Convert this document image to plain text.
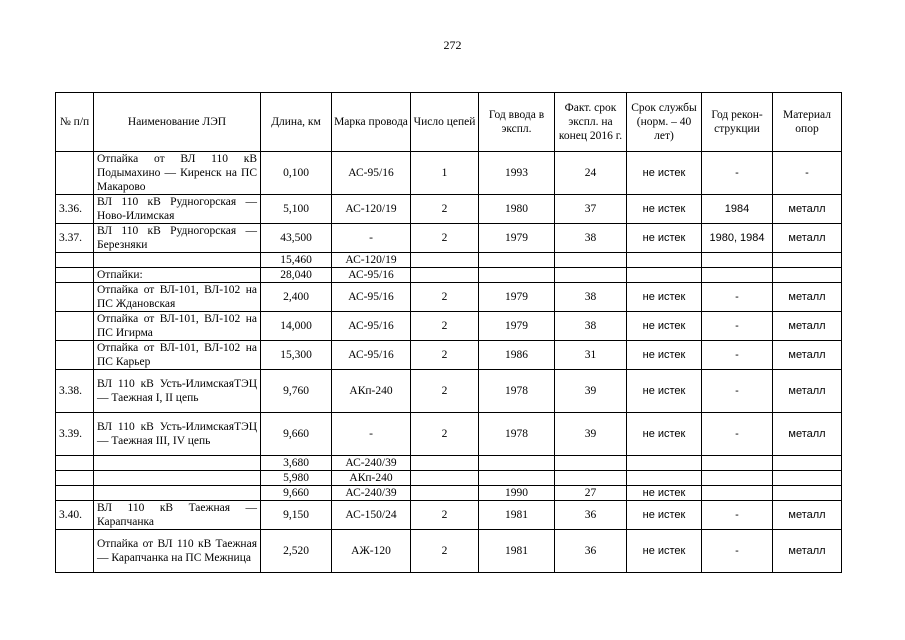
272
№ п/п	Наименование ЛЭП	Длина, км	Марка провода	Число цепей	Год ввода в экспл.	Факт. срок экспл. на конец 2016 г.	Срок службы (норм. – 40 лет)	Год рекон-струкции	Материал опор
	Отпайка от ВЛ 110 кВ Подымахино — Киренск на ПС Макарово	0,100	АС-95/16	1	1993	24	не истек	-	-
3.36.	ВЛ 110 кВ Рудногорская — Ново-Илимская	5,100	АС-120/19	2	1980	37	не истек	1984	металл
3.37.	ВЛ 110 кВ Рудногорская — Березняки	43,500	-	2	1979	38	не истек	1980, 1984	металл
		15,460	АС-120/19						
	Отпайки:	28,040	АС-95/16						
	Отпайка от ВЛ-101, ВЛ-102 на ПС Ждановская	2,400	АС-95/16	2	1979	38	не истек	-	металл
	Отпайка от ВЛ-101, ВЛ-102 на ПС Игирма	14,000	АС-95/16	2	1979	38	не истек	-	металл
	Отпайка от ВЛ-101, ВЛ-102 на ПС Карьер	15,300	АС-95/16	2	1986	31	не истек	-	металл
3.38.	ВЛ 110 кВ Усть-ИлимскаяТЭЦ — Таежная I, II цепь	9,760	АКп-240	2	1978	39	не истек	-	металл
3.39.	ВЛ 110 кВ Усть-ИлимскаяТЭЦ — Таежная III, IV цепь	9,660	-	2	1978	39	не истек	-	металл
		3,680	АС-240/39						
		5,980	АКп-240						
		9,660	АС-240/39		1990	27	не истек		
3.40.	ВЛ 110 кВ Таежная — Карапчанка	9,150	АС-150/24	2	1981	36	не истек	-	металл
	Отпайка от ВЛ 110 кВ Таежная — Карапчанка на ПС Межница	2,520	АЖ-120	2	1981	36	не истек	-	металл
